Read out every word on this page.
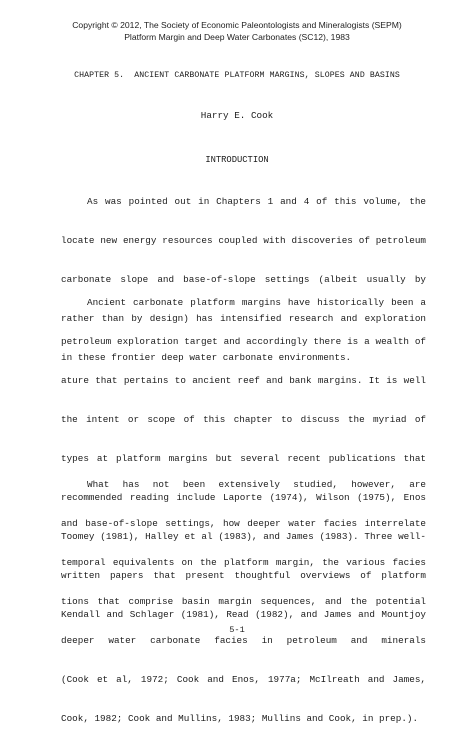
Copyright © 2012, The Society of Economic Paleontologists and Mineralogists (SEPM)
Platform Margin and Deep Water Carbonates (SC12), 1983
CHAPTER 5.  ANCIENT CARBONATE PLATFORM MARGINS, SLOPES AND BASINS
Harry E. Cook
INTRODUCTION

As was pointed out in Chapters 1 and 4 of this volume, the

locate new energy resources coupled with discoveries of petroleum

carbonate slope and base-of-slope settings (albeit usually by

rather than by design) has intensified research and exploration

in these frontier deep water carbonate environments.

Ancient carbonate platform margins have historically been a

petroleum exploration target and accordingly there is a wealth of

ature that pertains to ancient reef and bank margins. It is well

the intent or scope of this chapter to discuss the myriad of

types at platform margins but several recent publications that

recommended reading include Laporte (1974), Wilson (1975), Enos

Toomey (1981), Halley et al (1983), and James (1983). Three well-

written papers that present thoughtful overviews of platform

Kendall and Schlager (1981), Read (1982), and James and Mountjoy

What has not been extensively studied, however, are

and base-of-slope settings, how deeper water facies interrelate

temporal equivalents on the platform margin, the various facies

tions that comprise basin margin sequences, and the potential

deeper water carbonate facies in petroleum and minerals

(Cook et al, 1972; Cook and Enos, 1977a; McIlreath and James,

Cook, 1982; Cook and Mullins, 1983; Mullins and Cook, in prep.).

5-1
